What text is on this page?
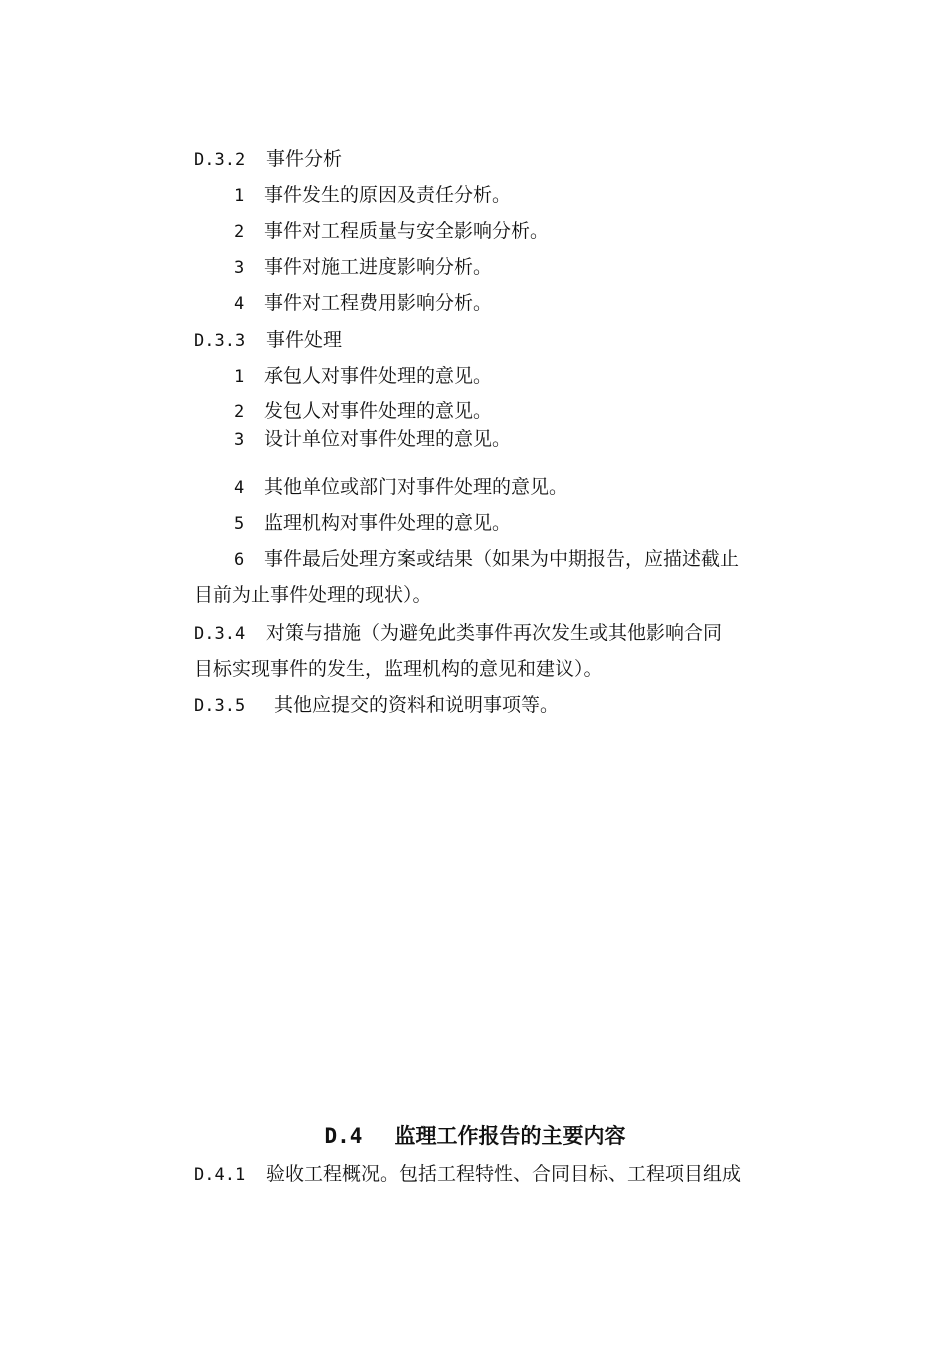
D.3.2 事件分析
1 事件发生的原因及责任分析。
2 事件对工程质量与安全影响分析。
3 事件对施工进度影响分析。
4 事件对工程费用影响分析。
D.3.3 事件处理
1 承包人对事件处理的意见。
2 发包人对事件处理的意见。
3 设计单位对事件处理的意见。
4 其他单位或部门对事件处理的意见。
5 监理机构对事件处理的意见。
6 事件最后处理方案或结果（如果为中期报告，应描述截止
目前为止事件处理的现状）。
D.3.4 对策与措施（为避免此类事件再次发生或其他影响合同
目标实现事件的发生，监理机构的意见和建议）。
D.3.5 其他应提交的资料和说明事项等。
D.4 监理工作报告的主要内容
D.4.1 验收工程概况。包括工程特性、合同目标、工程项目组成
